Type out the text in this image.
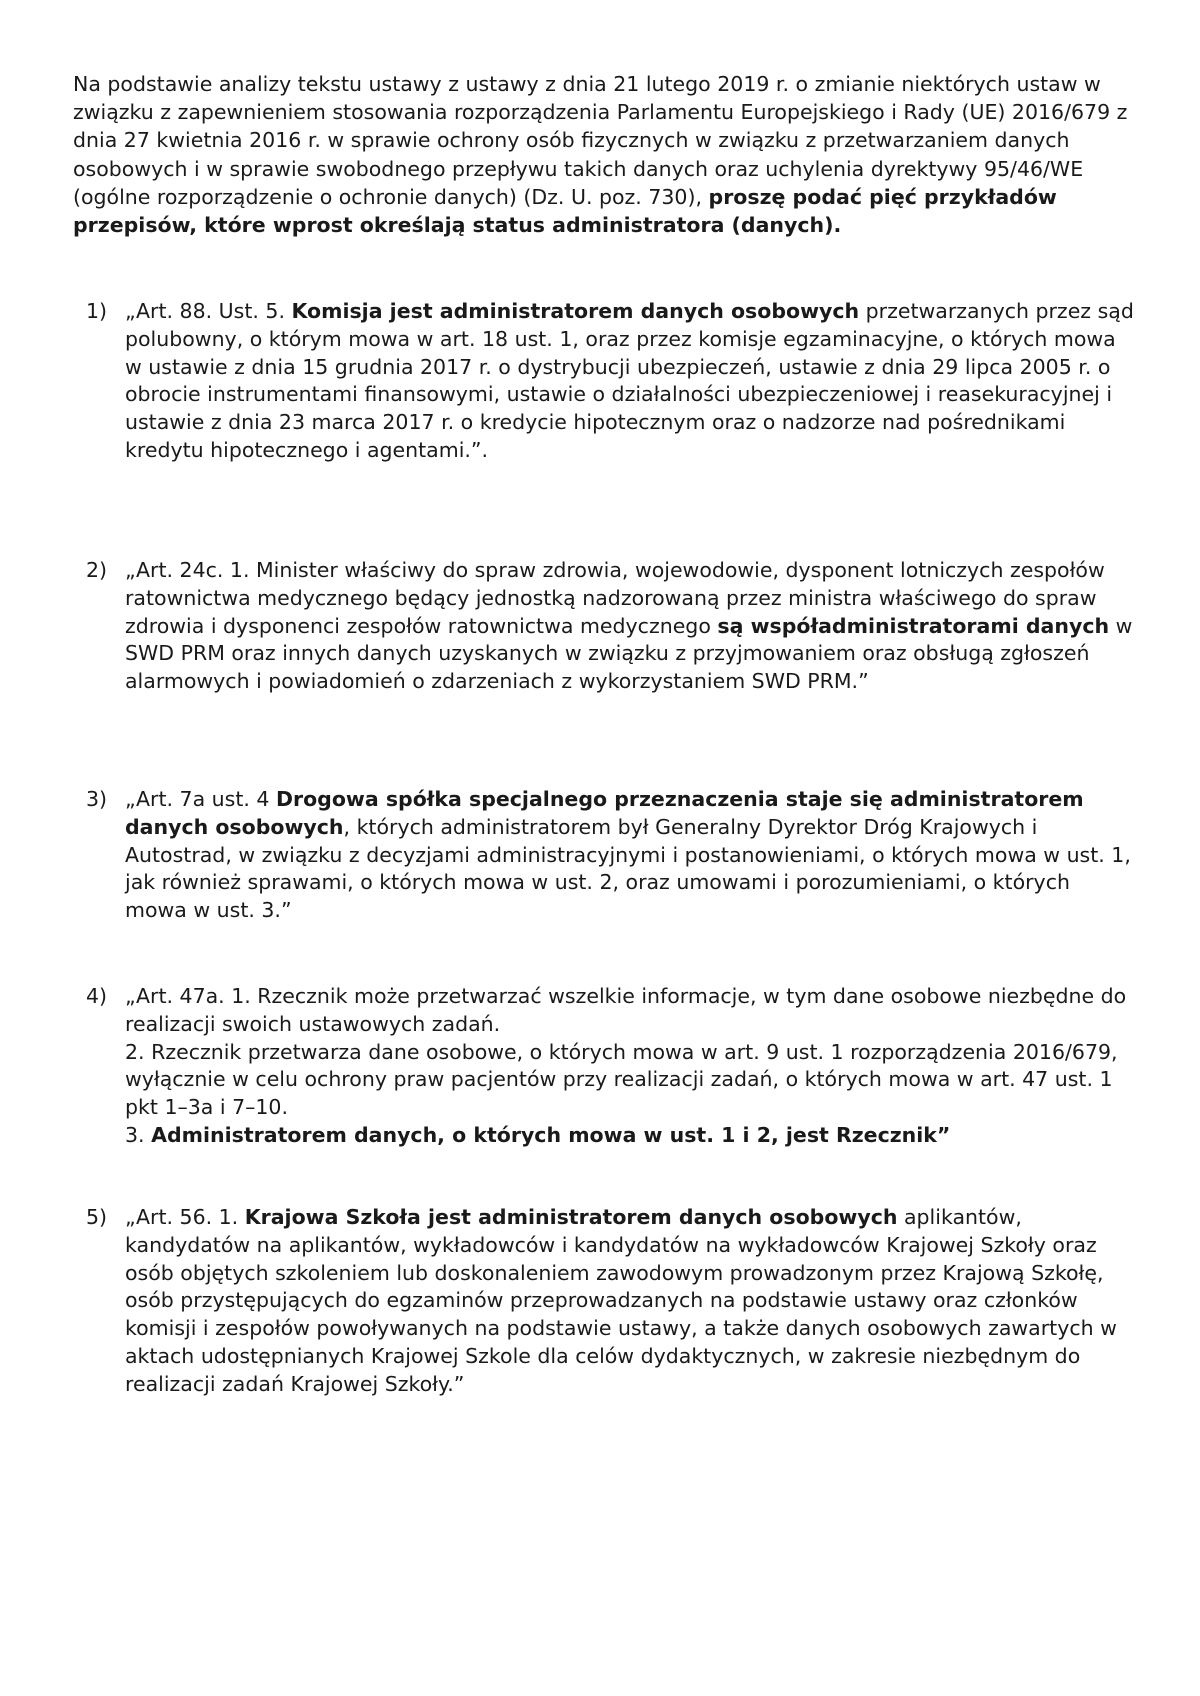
Na podstawie analizy tekstu ustawy z ustawy z dnia 21 lutego 2019 r. o zmianie niektórych ustaw w związku z zapewnieniem stosowania rozporządzenia Parlamentu Europejskiego i Rady (UE) 2016/679 z dnia 27 kwietnia 2016 r. w sprawie ochrony osób fizycznych w związku z przetwarzaniem danych osobowych i w sprawie swobodnego przepływu takich danych oraz uchylenia dyrektywy 95/46/WE (ogólne rozporządzenie o ochronie danych) (Dz. U. poz. 730), proszę podać pięć przykładów przepisów, które wprost określają status administratora (danych).

1) „Art. 88. Ust. 5. Komisja jest administratorem danych osobowych przetwarzanych przez sąd polubowny, o którym mowa w art. 18 ust. 1, oraz przez komisje egzaminacyjne, o których mowa w ustawie z dnia 15 grudnia 2017 r. o dystrybucji ubezpieczeń, ustawie z dnia 29 lipca 2005 r. o obrocie instrumentami finansowymi, ustawie o działalności ubezpieczeniowej i reasekuracyjnej i ustawie z dnia 23 marca 2017 r. o kredycie hipotecznym oraz o nadzorze nad pośrednikami kredytu hipotecznego i agentami.”.

2) „Art. 24c. 1. Minister właściwy do spraw zdrowia, wojewodowie, dysponent lotniczych zespołów ratownictwa medycznego będący jednostką nadzorowaną przez ministra właściwego do spraw zdrowia i dysponenci zespołów ratownictwa medycznego są współadministratorami danych w SWD PRM oraz innych danych uzyskanych w związku z przyjmowaniem oraz obsługą zgłoszeń alarmowych i powiadomień o zdarzeniach z wykorzystaniem SWD PRM.”

3) „Art. 7a ust. 4 Drogowa spółka specjalnego przeznaczenia staje się administratorem danych osobowych, których administratorem był Generalny Dyrektor Dróg Krajowych i Autostrad, w związku z decyzjami administracyjnymi i postanowieniami, o których mowa w ust. 1, jak również sprawami, o których mowa w ust. 2, oraz umowami i porozumieniami, o których mowa w ust. 3.”

4) „Art. 47a. 1. Rzecznik może przetwarzać wszelkie informacje, w tym dane osobowe niezbędne do realizacji swoich ustawowych zadań.

2. Rzecznik przetwarza dane osobowe, o których mowa w art. 9 ust. 1 rozporządzenia 2016/679, wyłącznie w celu ochrony praw pacjentów przy realizacji zadań, o których mowa w art. 47 ust. 1 pkt 1–3a i 7–10.

3. Administratorem danych, o których mowa w ust. 1 i 2, jest Rzecznik”

5) „Art. 56. 1. Krajowa Szkoła jest administratorem danych osobowych aplikantów, kandydatów na aplikantów, wykładowców i kandydatów na wykładowców Krajowej Szkoły oraz osób objętych szkoleniem lub doskonaleniem zawodowym prowadzonym przez Krajową Szkołę, osób przystępujących do egzaminów przeprowadzanych na podstawie ustawy oraz członków komisji i zespołów powoływanych na podstawie ustawy, a także danych osobowych zawartych w aktach udostępnianych Krajowej Szkole dla celów dydaktycznych, w zakresie niezbędnym do realizacji zadań Krajowej Szkoły.”
